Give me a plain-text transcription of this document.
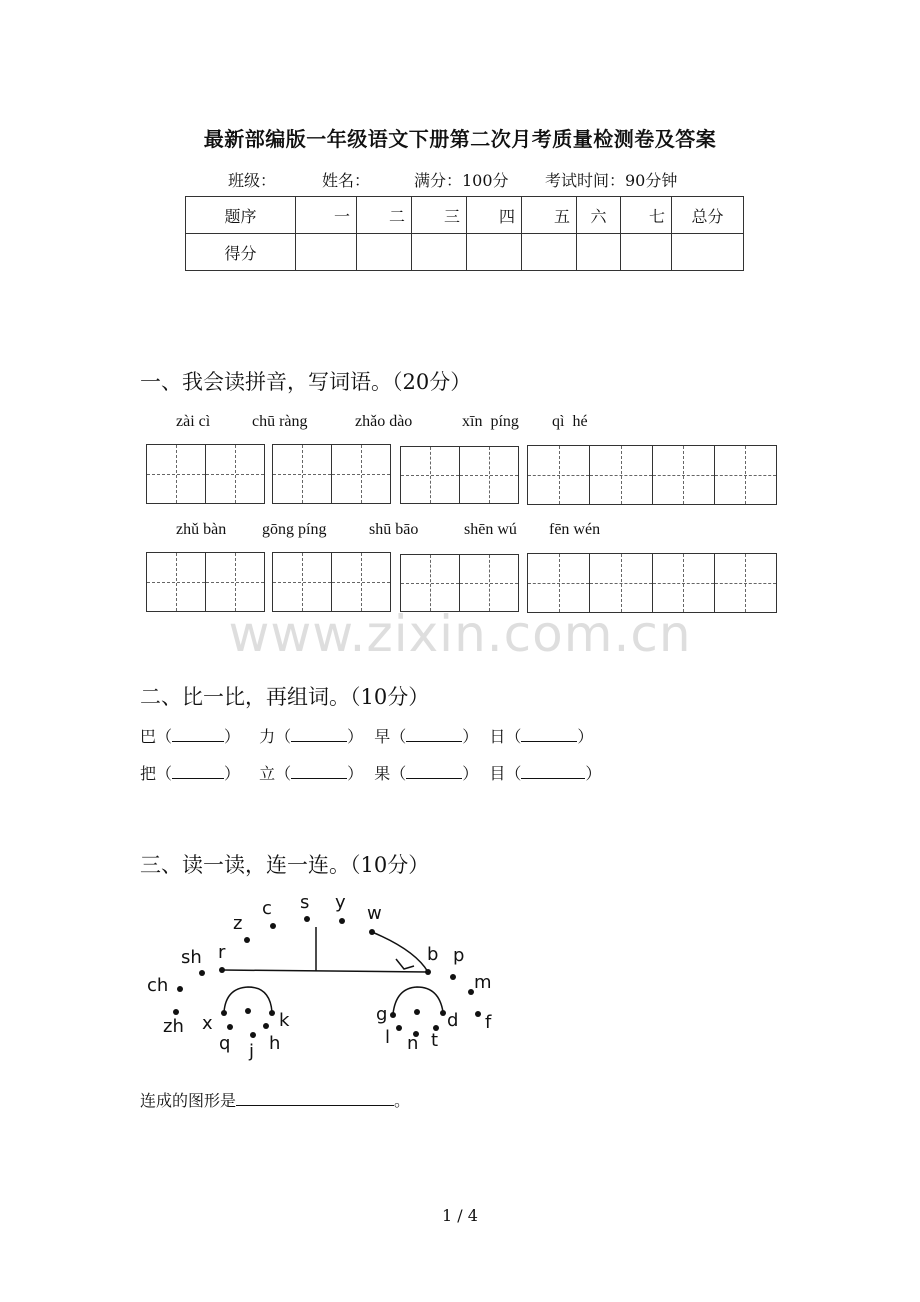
最新部编版一年级语文下册第二次月考质量检测卷及答案
班级：	姓名：	满分：100分 考试时间：90分钟
题序	一	二	三	四	五	六	七	总分
得分								
一、我会读拼音，写词语。（20分）
zài cì	chū ràng	zhǎo dào	xīn  píng qì  hé
zhǔ bàn gōng píng	shū bāo	shēn wú fēn wén
www.zixin.com.cn
二、比一比，再组词。（10分）
巴（	） 力（	） 早（	） 日（	）
把（	） 立（	） 果（	） 目（	）
三、读一读，连一连。（10分）
s y
c	w
z
r
sh	b p
ch	m
zh x	k
q j h
g	d f
l n t
连成的图形是	。
1 / 4
